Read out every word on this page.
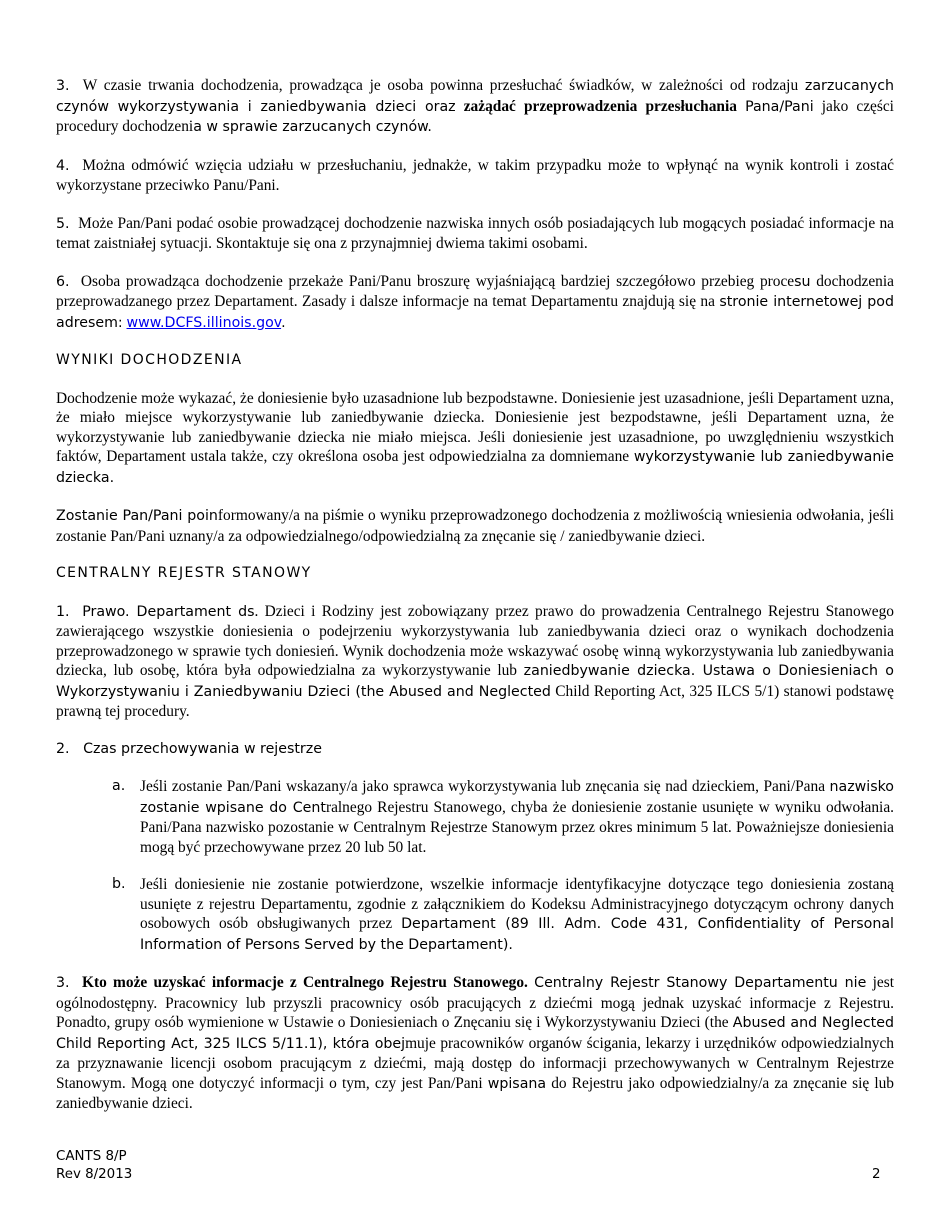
3. W czasie trwania dochodzenia, prowadząca je osoba powinna przesłuchać świadków, w zależności od rodzaju zarzucanych czynów wykorzystywania i zaniedbywania dzieci oraz zażądać przeprowadzenia przesłuchania Pana/Pani jako części procedury dochodzenia w sprawie zarzucanych czynów.

4. Można odmówić wzięcia udziału w przesłuchaniu, jednakże, w takim przypadku może to wpłynąć na wynik kontroli i zostać wykorzystane przeciwko Panu/Pani.

5. Może Pan/Pani podać osobie prowadzącej dochodzenie nazwiska innych osób posiadających lub mogących posiadać informacje na temat zaistniałej sytuacji. Skontaktuje się ona z przynajmniej dwiema takimi osobami.

6. Osoba prowadząca dochodzenie przekaże Pani/Panu broszurę wyjaśniającą bardziej szczegółowo przebieg procesu dochodzenia przeprowadzanego przez Departament. Zasady i dalsze informacje na temat Departamentu znajdują się na stronie internetowej pod adresem: www.DCFS.illinois.gov.

WYNIKI DOCHODZENIA

Dochodzenie może wykazać, że doniesienie było uzasadnione lub bezpodstawne. Doniesienie jest uzasadnione, jeśli Departament uzna, że miało miejsce wykorzystywanie lub zaniedbywanie dziecka. Doniesienie jest bezpodstawne, jeśli Departament uzna, że wykorzystywanie lub zaniedbywanie dziecka nie miało miejsca. Jeśli doniesienie jest uzasadnione, po uwzględnieniu wszystkich faktów, Departament ustala także, czy określona osoba jest odpowiedzialna za domniemane wykorzystywanie lub zaniedbywanie dziecka.

Zostanie Pan/Pani poinformowany/a na piśmie o wyniku przeprowadzonego dochodzenia z możliwością wniesienia odwołania, jeśli zostanie Pan/Pani uznany/a za odpowiedzialnego/odpowiedzialną za znęcanie się / zaniedbywanie dzieci.

CENTRALNY REJESTR STANOWY

1. Prawo. Departament ds. Dzieci i Rodziny jest zobowiązany przez prawo do prowadzenia Centralnego Rejestru Stanowego zawierającego wszystkie doniesienia o podejrzeniu wykorzystywania lub zaniedbywania dzieci oraz o wynikach dochodzenia przeprowadzonego w sprawie tych doniesień. Wynik dochodzenia może wskazywać osobę winną wykorzystywania lub zaniedbywania dziecka, lub osobę, która była odpowiedzialna za wykorzystywanie lub zaniedbywanie dziecka. Ustawa o Doniesieniach o Wykorzystywaniu i Zaniedbywaniu Dzieci (the Abused and Neglected Child Reporting Act, 325 ILCS 5/1) stanowi podstawę prawną tej procedury.

2. Czas przechowywania w rejestrze
a. Jeśli zostanie Pan/Pani wskazany/a jako sprawca wykorzystywania lub znęcania się nad dzieckiem, Pani/Pana nazwisko zostanie wpisane do Centralnego Rejestru Stanowego, chyba że doniesienie zostanie usunięte w wyniku odwołania. Pani/Pana nazwisko pozostanie w Centralnym Rejestrze Stanowym przez okres minimum 5 lat. Poważniejsze doniesienia mogą być przechowywane przez 20 lub 50 lat.
b. Jeśli doniesienie nie zostanie potwierdzone, wszelkie informacje identyfikacyjne dotyczące tego doniesienia zostaną usunięte z rejestru Departamentu, zgodnie z załącznikiem do Kodeksu Administracyjnego dotyczącym ochrony danych osobowych osób obsługiwanych przez Departament (89 Ill. Adm. Code 431, Confidentiality of Personal Information of Persons Served by the Departament).

3. Kto może uzyskać informacje z Centralnego Rejestru Stanowego. Centralny Rejestr Stanowy Departamentu nie jest ogólnodostępny. Pracownicy lub przyszli pracownicy osób pracujących z dziećmi mogą jednak uzyskać informacje z Rejestru. Ponadto, grupy osób wymienione w Ustawie o Doniesieniach o Znęcaniu się i Wykorzystywaniu Dzieci (the Abused and Neglected Child Reporting Act, 325 ILCS 5/11.1), która obejmuje pracowników organów ścigania, lekarzy i urzędników odpowiedzialnych za przyznawanie licencji osobom pracującym z dziećmi, mają dostęp do informacji przechowywanych w Centralnym Rejestrze Stanowym. Mogą one dotyczyć informacji o tym, czy jest Pan/Pani wpisana do Rejestru jako odpowiedzialny/a za znęcanie się lub zaniedbywanie dzieci.

CANTS 8/P
Rev 8/2013	2
